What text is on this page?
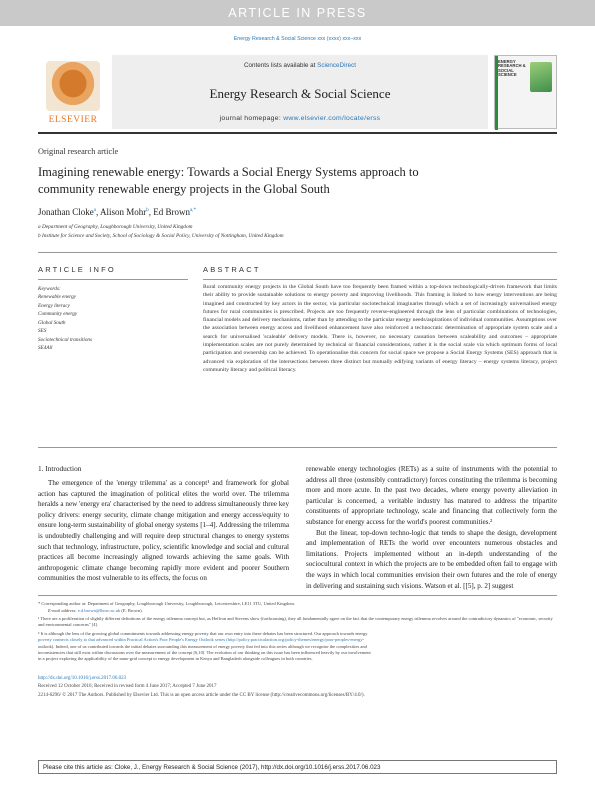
ARTICLE IN PRESS
Energy Research & Social Science xxx (xxxx) xxx–xxx
ELSEVIER
Contents lists available at ScienceDirect
Energy Research & Social Science
journal homepage: www.elsevier.com/locate/erss
ENERGY RESEARCH & SOCIAL SCIENCE
Original research article
Imagining renewable energy: Towards a Social Energy Systems approach to
community renewable energy projects in the Global South
Jonathan Cloke$^a$, Alison Mohr$^b$, Ed Brown$^{a,*}$
a Department of Geography, Loughborough University, United Kingdom
b Institute for Science and Society, School of Sociology & Social Policy, University of Nottingham, United Kingdom
ARTICLE INFO	ABSTRACT
Keywords:
Renewable energy
Energy literacy
Community energy
Global South
SES
Sociotechnical transitions
SE4All
Rural community energy projects in the Global South have too frequently been framed within a top-down technologically-driven framework that limits their ability to provide sustainable solutions to energy poverty and improving livelihoods. This framing is linked to how energy interventions are being imagined and constructed by key actors in the sector, via particular sociotechnical imaginaries through which a set of increasingly universalised energy futures for rural communities is prescribed. Projects are too frequently reverse-engineered through the lens of particular combinations of technologies, financial models and delivery mechanisms, rather than by attending to the particular energy needs/aspirations of individual communities. Assumptions over the association between energy access and livelihood enhancement have also reinforced a technocratic determination of appropriate system scale and a search for universalised 'scaleable' delivery models. There is, however, no necessary causation between scaleability and outcomes – appropriate implementation scales are not purely determined by technical or financial considerations, rather it is the social scale via which optimum forms of local participation and ownership can be achieved. To operationalise this concern for social space we propose a Social Energy Systems (SES) approach that is advanced via exploration of the intersections between three distinct but mutually edifying variants of energy literacy – energy systems literacy, project community literacy and political literacy.
1. Introduction

The emergence of the 'energy trilemma' as a concept¹ and framework for global action has captured the imagination of political elites the world over. The trilemma heralds a new 'energy era' characterised by the need to address simultaneously three key policy drivers: energy security, climate change mitigation and energy access/equity to ensure long-term sustainability of global energy systems [1–4]. Addressing the trilemma is undoubtedly challenging and will require deep structural changes to energy systems such that technology, infrastructure, policy, scientific knowledge and social and cultural practices all become increasingly aligned towards achieving the same goals. With anthropogenic climate change becoming rapidly more evident and poorer Southern communities the most vulnerable to its effects, the focus on

renewable energy technologies (RETs) as a suite of instruments with the potential to address all three (ostensibly contradictory) forces constituting the trilemma is becoming more and more acute. In the past two decades, where energy poverty alleviation in particular is concerned, a veritable industry has matured to address the tripartite constituents of appropriate technology, scale and financing that collectively form the substance for energy access for the world's poorest communities.²

But the linear, top-down techno-logic that tends to shape the design, development and implementation of RETs the world over encounters numerous obstacles and limitations. Projects implemented without an in-depth understanding of the sociocultural context in which the projects are to be embedded often fail to engage with the ways in which local communities envision their own futures and the role of energy in delivering and sustaining such visions. Watson et al. [[5], p. 2] suggest

* Corresponding author at: Department of Geography, Loughborough University, Loughborough, Leicestershire, LE11 3TU, United Kingdom.
E-mail address: e.d.brown@lboro.ac.uk (E. Brown).
¹ There are a proliferation of slightly different definitions of the energy trilemma concept but, as Heffron and Stevens show (forthcoming), they all fundamentally agree on the fact that the contemporary energy trilemma revolves around the contradictory dynamics of "economic, security and environmental concerns" [4].
² It is although the lens of the growing global commitments towards addressing energy poverty that our own entry into these debates has been structured. Our approach towards energy
poverty connects closely to that advanced within Practical Action's Poor People's Energy Outlook series (http://policy.practicalaction.org/policy-themes/energy/poor-peoples-energy-
outlook). Indeed, one of us contributed towards the initial debates surrounding this measurement of energy poverty that fed into this series although we recognise the complexities and
inconsistencies that still exist within discussions over the measurement of the concept [6,10]. The evolution of our thinking on this issue has been influenced heavily by our involvement
in a project exploring the applicability of the nano-grid concept to energy development in Kenya and Bangladesh alongside colleagues in both countries.
http://dx.doi.org/10.1016/j.erss.2017.06.023
Received 12 October 2016; Received in revised form 4 June 2017; Accepted 7 June 2017
2214-6296/ © 2017 The Authors. Published by Elsevier Ltd. This is an open access article under the CC BY license (http://creativecommons.org/licenses/BY/4.0/).
Please cite this article as: Cloke, J., Energy Research & Social Science (2017), http://dx.doi.org/10.1016/j.erss.2017.06.023
